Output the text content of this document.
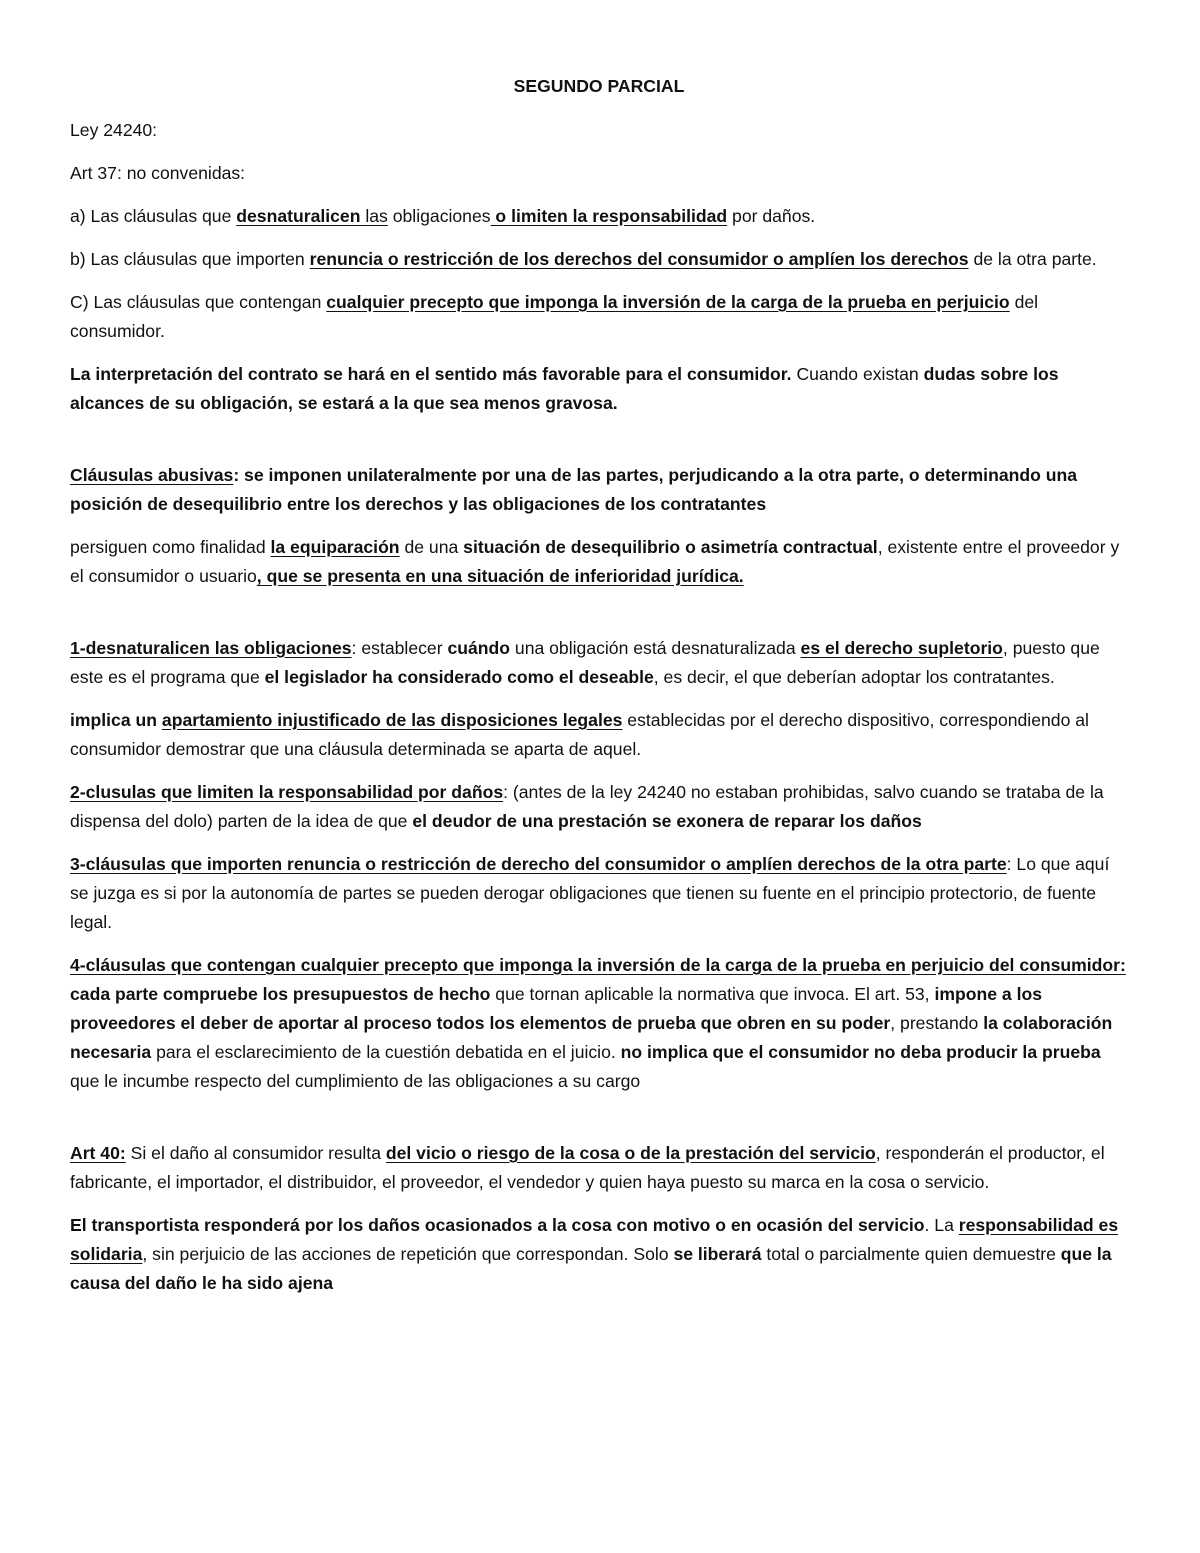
SEGUNDO PARCIAL

Ley 24240:

Art 37: no convenidas:

a) Las cláusulas que desnaturalicen las obligaciones o limiten la responsabilidad por daños.

b) Las cláusulas que importen renuncia o restricción de los derechos del consumidor o amplíen los derechos de la otra parte.

C) Las cláusulas que contengan cualquier precepto que imponga la inversión de la carga de la prueba en perjuicio del consumidor.

La interpretación del contrato se hará en el sentido más favorable para el consumidor. Cuando existan dudas sobre los alcances de su obligación, se estará a la que sea menos gravosa.

Cláusulas abusivas: se imponen unilateralmente por una de las partes, perjudicando a la otra parte, o determinando una posición de desequilibrio entre los derechos y las obligaciones de los contratantes

persiguen como finalidad la equiparación de una situación de desequilibrio o asimetría contractual, existente entre el proveedor y el consumidor o usuario, que se presenta en una situación de inferioridad jurídica.

1-desnaturalicen las obligaciones: establecer cuándo una obligación está desnaturalizada es el derecho supletorio, puesto que este es el programa que el legislador ha considerado como el deseable, es decir, el que deberían adoptar los contratantes.

implica un apartamiento injustificado de las disposiciones legales establecidas por el derecho dispositivo, correspondiendo al consumidor demostrar que una cláusula determinada se aparta de aquel.

2-clusulas que limiten la responsabilidad por daños: (antes de la ley 24240 no estaban prohibidas, salvo cuando se trataba de la dispensa del dolo) parten de la idea de que el deudor de una prestación se exonera de reparar los daños

3-cláusulas que importen renuncia o restricción de derecho del consumidor o amplíen derechos de la otra parte: Lo que aquí se juzga es si por la autonomía de partes se pueden derogar obligaciones que tienen su fuente en el principio protectorio, de fuente legal.

4-cláusulas que contengan cualquier precepto que imponga la inversión de la carga de la prueba en perjuicio del consumidor: cada parte compruebe los presupuestos de hecho que tornan aplicable la normativa que invoca. El art. 53, impone a los proveedores el deber de aportar al proceso todos los elementos de prueba que obren en su poder, prestando la colaboración necesaria para el esclarecimiento de la cuestión debatida en el juicio. no implica que el consumidor no deba producir la prueba que le incumbe respecto del cumplimiento de las obligaciones a su cargo

Art 40: Si el daño al consumidor resulta del vicio o riesgo de la cosa o de la prestación del servicio, responderán el productor, el fabricante, el importador, el distribuidor, el proveedor, el vendedor y quien haya puesto su marca en la cosa o servicio.

El transportista responderá por los daños ocasionados a la cosa con motivo o en ocasión del servicio. La responsabilidad es solidaria, sin perjuicio de las acciones de repetición que correspondan. Solo se liberará total o parcialmente quien demuestre que la causa del daño le ha sido ajena
